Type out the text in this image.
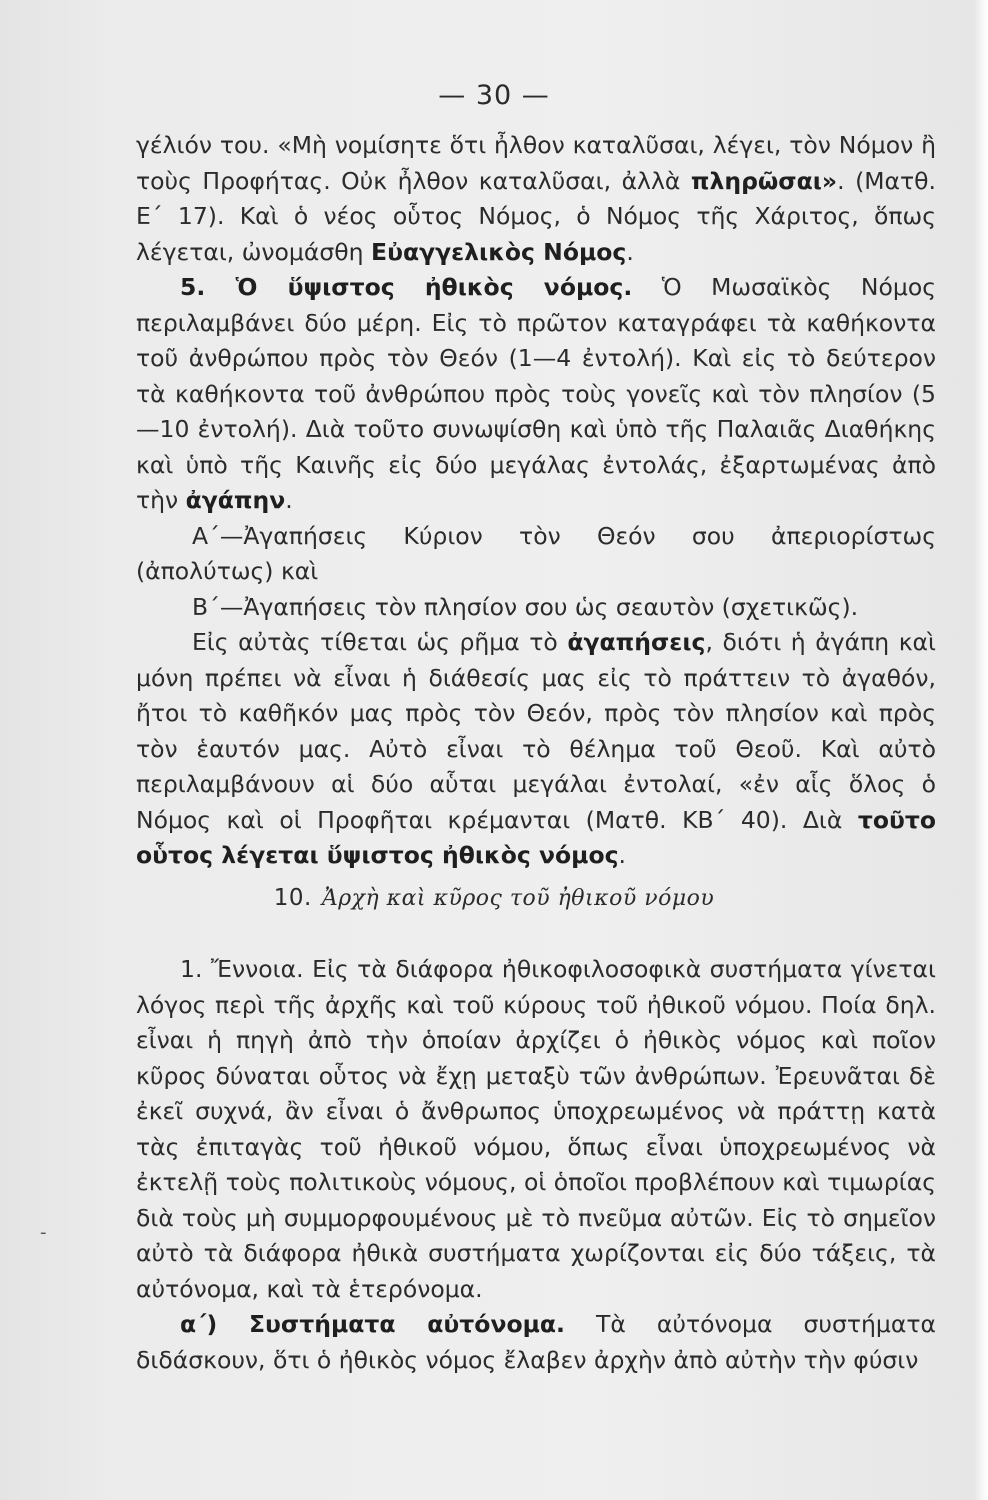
— 30 —

γέλιόν του. «Μὴ νομίσητε ὅτι ἦλθον καταλῦσαι, λέγει, τὸν Νόμον ἢ τοὺς Προφήτας. Οὐκ ἦλθον καταλῦσαι, ἀλλὰ πληρῶσαι». (Ματθ. Ε΄ 17). Καὶ ὁ νέος οὗτος Νόμος, ὁ Νόμος τῆς Χάριτος, ὅπως λέγεται, ὠνομάσθη Εὐαγγελικὸς Νόμος.

5. Ὁ ὕψιστος ἠθικὸς νόμος. Ὁ Μωσαϊκὸς Νόμος περιλαμβάνει δύο μέρη. Εἰς τὸ πρῶτον καταγράφει τὰ καθήκοντα τοῦ ἀνθρώπου πρὸς τὸν Θεόν (1—4 ἐντολή). Καὶ εἰς τὸ δεύτερον τὰ καθήκοντα τοῦ ἀνθρώπου πρὸς τοὺς γονεῖς καὶ τὸν πλησίον (5—10 ἐντολή). Διὰ τοῦτο συνωψίσθη καὶ ὑπὸ τῆς Παλαιᾶς Διαθήκης καὶ ὑπὸ τῆς Καινῆς εἰς δύο μεγάλας ἐντολάς, ἐξαρτωμένας ἀπὸ τὴν ἀγάπην.

Α΄—Ἀγαπήσεις Κύριον τὸν Θεόν σου ἀπεριορίστως (ἀπολύτως) καὶ

Β΄—Ἀγαπήσεις τὸν πλησίον σου ὡς σεαυτὸν (σχετικῶς).

Εἰς αὐτὰς τίθεται ὡς ρῆμα τὸ ἀγαπήσεις, διότι ἡ ἀγάπη καὶ μόνη πρέπει νὰ εἶναι ἡ διάθεσίς μας εἰς τὸ πράττειν τὸ ἀγαθόν, ἤτοι τὸ καθῆκόν μας πρὸς τὸν Θεόν, πρὸς τὸν πλησίον καὶ πρὸς τὸν ἑαυτόν μας. Αὐτὸ εἶναι τὸ θέλημα τοῦ Θεοῦ. Καὶ αὐτὸ περιλαμβάνουν αἱ δύο αὗται μεγάλαι ἐντολαί, «ἐν αἷς ὅλος ὁ Νόμος καὶ οἱ Προφῆται κρέμανται (Ματθ. ΚΒ΄ 40). Διὰ τοῦτο οὗτος λέγεται ὕψιστος ἠθικὸς νόμος.

10. Ἀρχὴ καὶ κῦρος τοῦ ἠθικοῦ νόμου

1. Ἔννοια. Εἰς τὰ διάφορα ἠθικοφιλοσοφικὰ συστήματα γίνεται λόγος περὶ τῆς ἀρχῆς καὶ τοῦ κύρους τοῦ ἠθικοῦ νόμου. Ποία δηλ. εἶναι ἡ πηγὴ ἀπὸ τὴν ὁποίαν ἀρχίζει ὁ ἠθικὸς νόμος καὶ ποῖον κῦρος δύναται οὗτος νὰ ἔχῃ μεταξὺ τῶν ἀνθρώπων. Ἐρευνᾶται δὲ ἐκεῖ συχνά, ἂν εἶναι ὁ ἄνθρωπος ὑποχρεωμένος νὰ πράττῃ κατὰ τὰς ἐπιταγὰς τοῦ ἠθικοῦ νόμου, ὅπως εἶναι ὑποχρεωμένος νὰ ἐκτελῇ τοὺς πολιτικοὺς νόμους, οἱ ὁποῖοι προβλέπουν καὶ τιμωρίας διὰ τοὺς μὴ συμμορφουμένους μὲ τὸ πνεῦμα αὐτῶν. Εἰς τὸ σημεῖον αὐτὸ τὰ διάφορα ἠθικὰ συστήματα χωρίζονται εἰς δύο τάξεις, τὰ αὐτόνομα, καὶ τὰ ἑτερόνομα.

α΄) Συστήματα αὐτόνομα. Τὰ αὐτόνομα συστήματα διδάσκουν, ὅτι ὁ ἠθικὸς νόμος ἔλαβεν ἀρχὴν ἀπὸ αὐτὴν τὴν φύσιν

-
